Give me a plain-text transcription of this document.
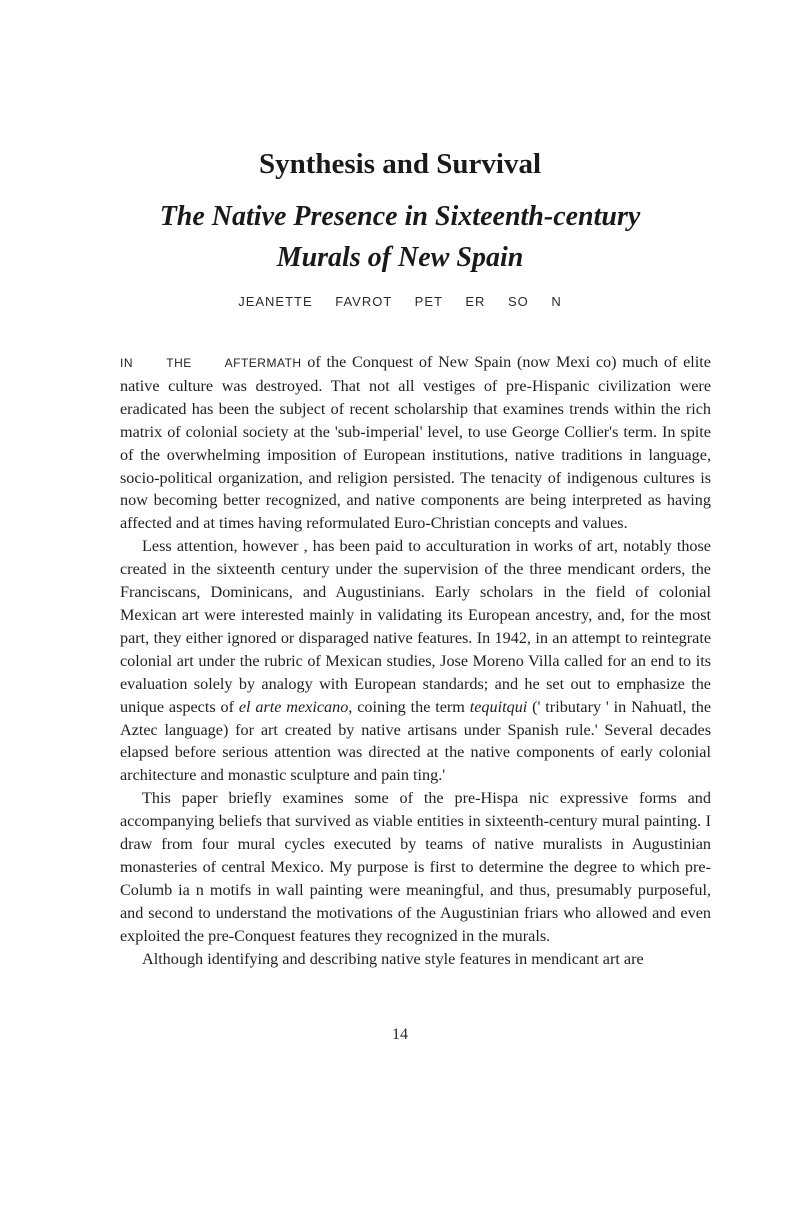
Synthesis and Survival
The Native Presence in Sixteenth-century
Murals of New Spain
JEANETTE FAVROT PET ER SO N

IN THE AFTERMATH of the Conquest of New Spain (now Mexi co) much of elite native culture was destroyed. That not all vestiges of pre-Hispanic civilization were eradicated has been the subject of recent scholarship that examines trends within the rich matrix of colonial society at the 'sub-imperial' level, to use George Collier's term. In spite of the overwhelming imposition of European institutions, native traditions in language, socio-political organization, and religion persisted. The tenacity of indigenous cultures is now becoming better recognized, and native components are being interpreted as having affected and at times having reformulated Euro-Christian concepts and values.

Less attention, however , has been paid to acculturation in works of art, notably those created in the sixteenth century under the supervision of the three mendicant orders, the Franciscans, Dominicans, and Augustinians. Early scholars in the field of colonial Mexican art were interested mainly in validating its European ancestry, and, for the most part, they either ignored or disparaged native features. In 1942, in an attempt to reintegrate colonial art under the rubric of Mexican studies, Jose Moreno Villa called for an end to its evaluation solely by analogy with European standards; and he set out to emphasize the unique aspects of el arte mexicano, coining the term tequitqui (' tributary ' in Nahuatl, the Aztec language) for art created by native artisans under Spanish rule.' Several decades elapsed before serious attention was directed at the native components of early colonial architecture and monastic sculpture and pain ting.'

This paper briefly examines some of the pre-Hispa nic expressive forms and accompanying beliefs that survived as viable entities in sixteenth-century mural painting. I draw from four mural cycles executed by teams of native muralists in Augustinian monasteries of central Mexico. My purpose is first to determine the degree to which pre-Columb ia n motifs in wall painting were meaningful, and thus, presumably purposeful, and second to understand the motivations of the Augustinian friars who allowed and even exploited the pre-Conquest features they recognized in the murals.

Although identifying and describing native style features in mendicant art are

14
